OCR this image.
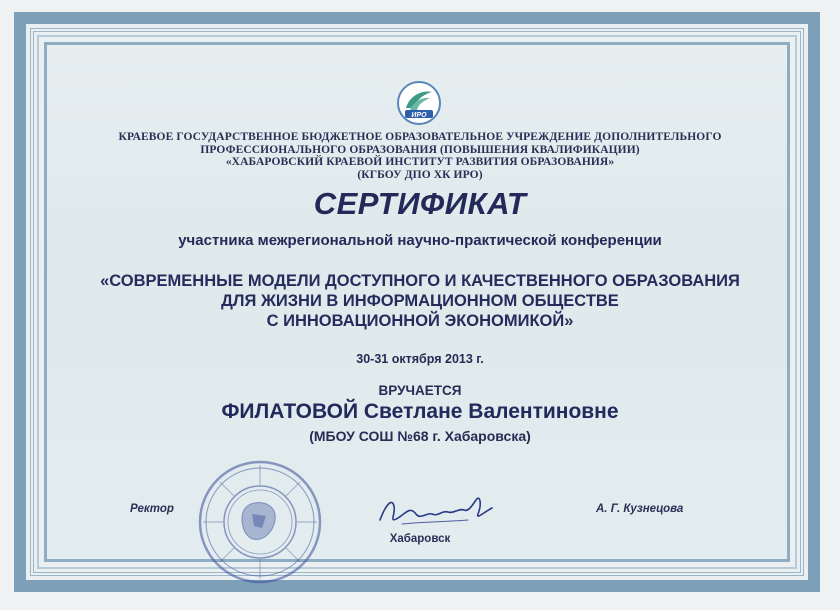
ИРО
КРАЕВОЕ ГОСУДАРСТВЕННОЕ БЮДЖЕТНОЕ ОБРАЗОВАТЕЛЬНОЕ УЧРЕЖДЕНИЕ ДОПОЛНИТЕЛЬНОГО
ПРОФЕССИОНАЛЬНОГО ОБРАЗОВАНИЯ (ПОВЫШЕНИЯ КВАЛИФИКАЦИИ)
«ХАБАРОВСКИЙ КРАЕВОЙ ИНСТИТУТ РАЗВИТИЯ ОБРАЗОВАНИЯ»
(КГБОУ ДПО ХК ИРО)
СЕРТИФИКАТ
участника межрегиональной научно-практической конференции
«СОВРЕМЕННЫЕ МОДЕЛИ ДОСТУПНОГО И КАЧЕСТВЕННОГО ОБРАЗОВАНИЯ
ДЛЯ ЖИЗНИ В ИНФОРМАЦИОННОМ ОБЩЕСТВЕ
С ИННОВАЦИОННОЙ ЭКОНОМИКОЙ»
30-31 октября 2013 г.
ВРУЧАЕТСЯ
ФИЛАТОВОЙ Светлане Валентиновне
(МБОУ СОШ №68 г. Хабаровска)
Ректор	А. Г. Кузнецова
Хабаровск
